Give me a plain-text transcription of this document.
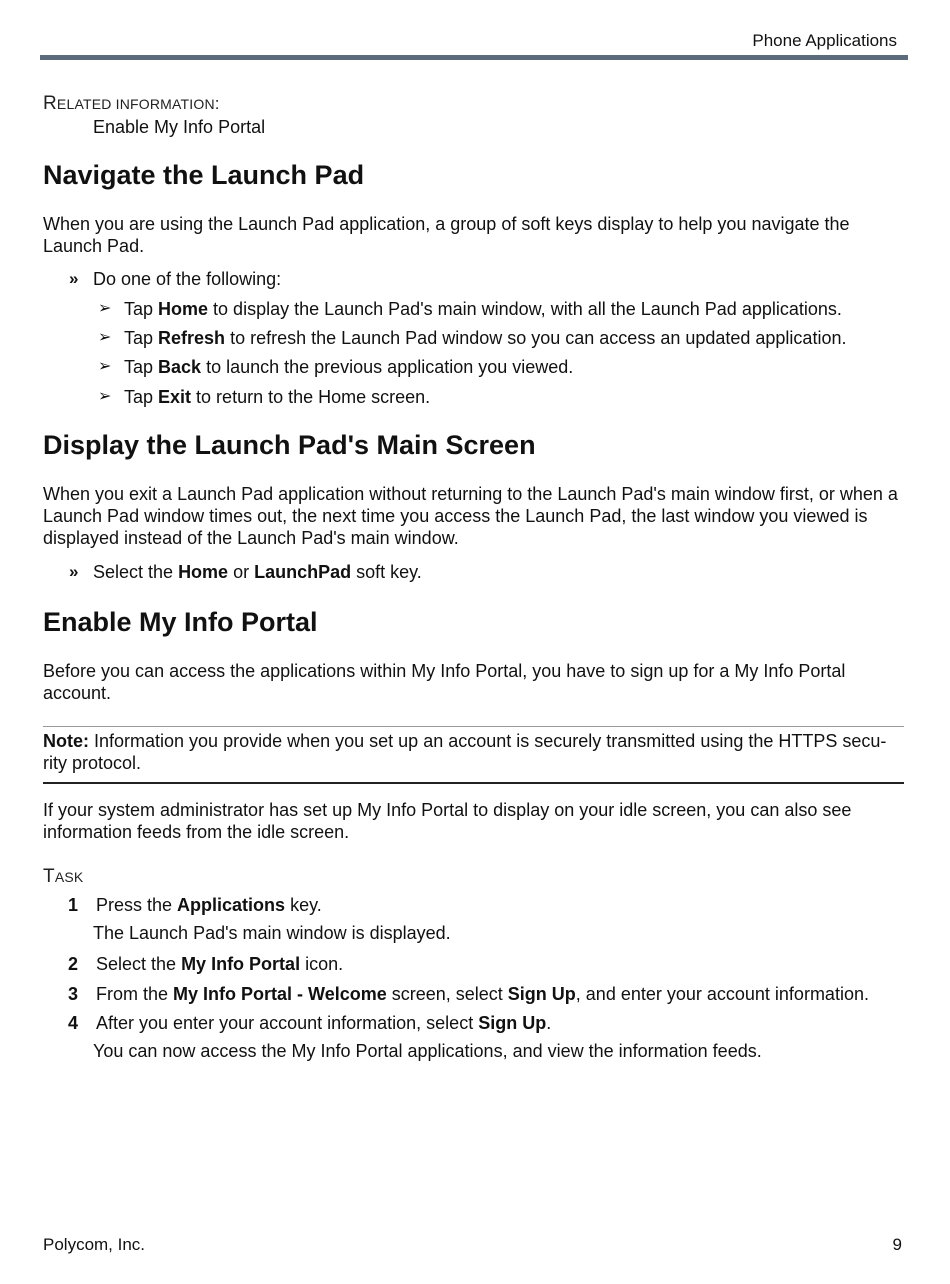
Phone Applications
RELATED INFORMATION:
Enable My Info Portal
Navigate the Launch Pad
When you are using the Launch Pad application, a group of soft keys display to help you navigate the Launch Pad.
» Do one of the following:
➢ Tap Home to display the Launch Pad's main window, with all the Launch Pad applications.
➢ Tap Refresh to refresh the Launch Pad window so you can access an updated application.
➢ Tap Back to launch the previous application you viewed.
➢ Tap Exit to return to the Home screen.
Display the Launch Pad's Main Screen
When you exit a Launch Pad application without returning to the Launch Pad's main window first, or when a Launch Pad window times out, the next time you access the Launch Pad, the last window you viewed is displayed instead of the Launch Pad's main window.
» Select the Home or LaunchPad soft key.
Enable My Info Portal
Before you can access the applications within My Info Portal, you have to sign up for a My Info Portal account.
Note: Information you provide when you set up an account is securely transmitted using the HTTPS secu-rity protocol.
If your system administrator has set up My Info Portal to display on your idle screen, you can also see information feeds from the idle screen.
TASK
1 Press the Applications key.
The Launch Pad's main window is displayed.
2 Select the My Info Portal icon.
3 From the My Info Portal - Welcome screen, select Sign Up, and enter your account information.
4 After you enter your account information, select Sign Up.
You can now access the My Info Portal applications, and view the information feeds.
Polycom, Inc.	9
